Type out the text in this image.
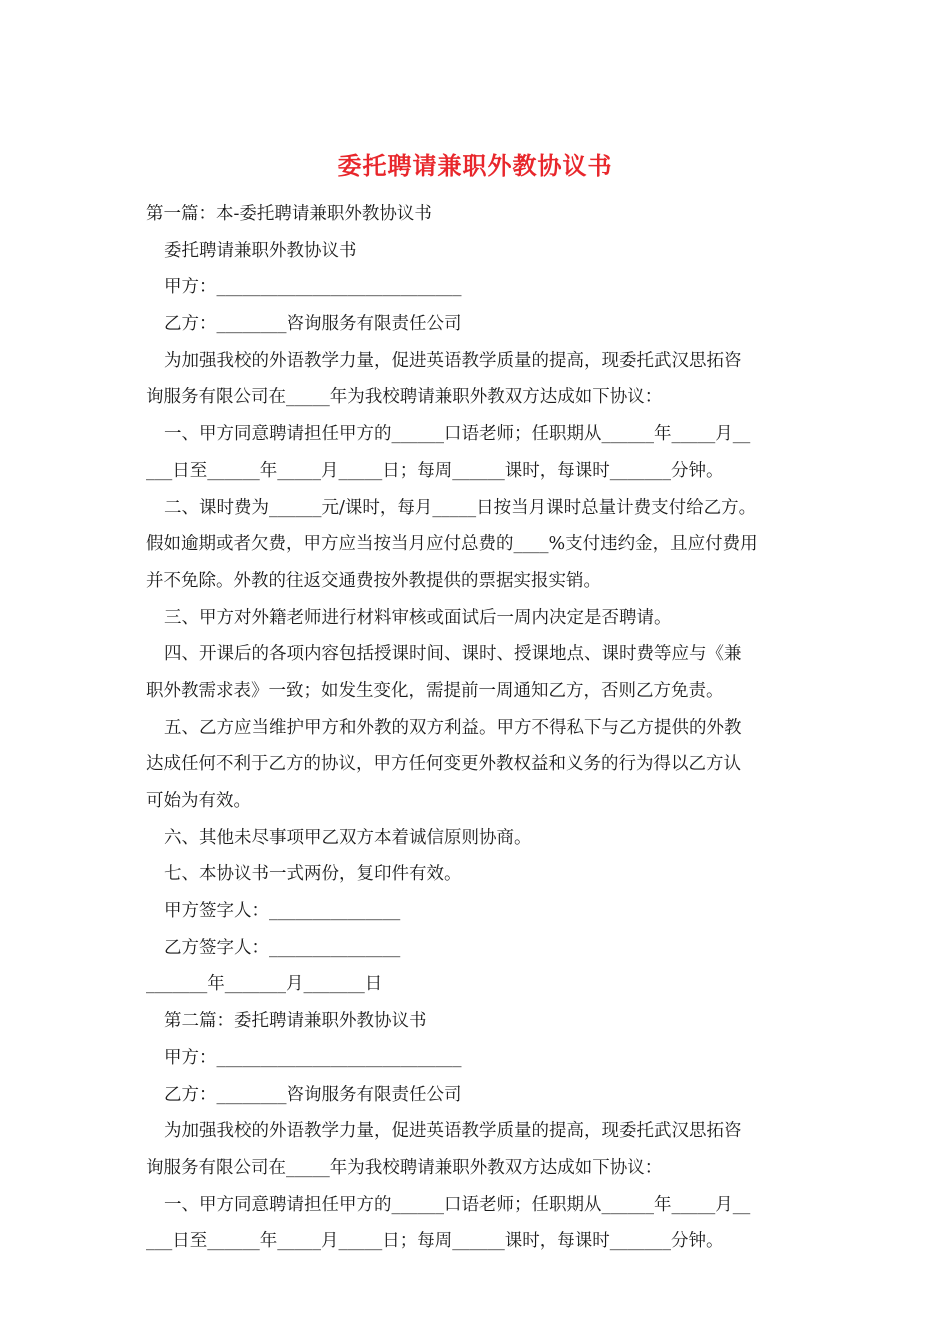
委托聘请兼职外教协议书
第一篇：本-委托聘请兼职外教协议书
委托聘请兼职外教协议书
甲方：____________________________
乙方：________咨询服务有限责任公司
为加强我校的外语教学力量，促进英语教学质量的提高，现委托武汉思拓咨
询服务有限公司在_____年为我校聘请兼职外教双方达成如下协议：
一、甲方同意聘请担任甲方的______口语老师；任职期从______年_____月__
___日至______年_____月_____日；每周______课时，每课时_______分钟。
二、课时费为______元/课时，每月_____日按当月课时总量计费支付给乙方。
假如逾期或者欠费，甲方应当按当月应付总费的____%支付违约金，且应付费用
并不免除。外教的往返交通费按外教提供的票据实报实销。
三、甲方对外籍老师进行材料审核或面试后一周内决定是否聘请。
四、开课后的各项内容包括授课时间、课时、授课地点、课时费等应与《兼
职外教需求表》一致；如发生变化，需提前一周通知乙方，否则乙方免责。
五、乙方应当维护甲方和外教的双方利益。甲方不得私下与乙方提供的外教
达成任何不利于乙方的协议，甲方任何变更外教权益和义务的行为得以乙方认
可始为有效。
六、其他未尽事项甲乙双方本着诚信原则协商。
七、本协议书一式两份，复印件有效。
甲方签字人：_______________
乙方签字人：_______________
_______年_______月_______日
第二篇：委托聘请兼职外教协议书
甲方：____________________________
乙方：________咨询服务有限责任公司
为加强我校的外语教学力量，促进英语教学质量的提高，现委托武汉思拓咨
询服务有限公司在_____年为我校聘请兼职外教双方达成如下协议：
一、甲方同意聘请担任甲方的______口语老师；任职期从______年_____月__
___日至______年_____月_____日；每周______课时，每课时_______分钟。
